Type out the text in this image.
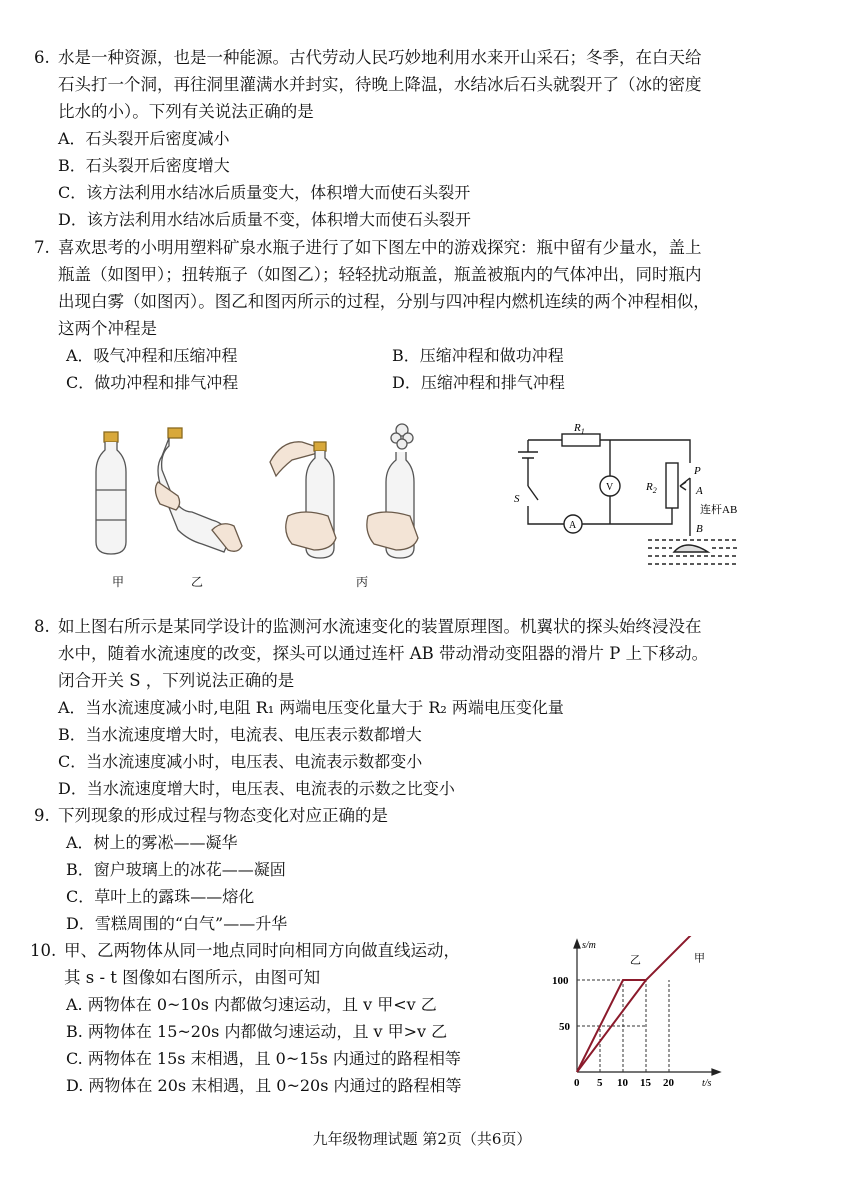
6. 水是一种资源，也是一种能源。古代劳动人民巧妙地利用水来开山采石；冬季，在白天给
石头打一个洞，再往洞里灌满水并封实，待晚上降温，水结冰后石头就裂开了（冰的密度
比水的小）。下列有关说法正确的是
A．石头裂开后密度减小
B．石头裂开后密度增大
C．该方法利用水结冰后质量变大，体积增大而使石头裂开
D．该方法利用水结冰后质量不变，体积增大而使石头裂开
7. 喜欢思考的小明用塑料矿泉水瓶子进行了如下图左中的游戏探究：瓶中留有少量水，盖上
瓶盖（如图甲）；扭转瓶子（如图乙）；轻轻扰动瓶盖，瓶盖被瓶内的气体冲出，同时瓶内
出现白雾（如图丙）。图乙和图丙所示的过程，分别与四冲程内燃机连续的两个冲程相似，
这两个冲程是
A．吸气冲程和压缩冲程	B．压缩冲程和做功冲程
C．做功冲程和排气冲程	D．压缩冲程和排气冲程
甲	乙	丙
$R_1$
$R_2$
P
A
B
S
V
A
连杆AB
8. 如上图右所示是某同学设计的监测河水流速变化的装置原理图。机翼状的探头始终浸没在
水中，随着水流速度的改变，探头可以通过连杆 AB 带动滑动变阻器的滑片 P 上下移动。
闭合开关 S ，下列说法正确的是
A．当水流速度减小时,电阻 R₁ 两端电压变化量大于 R₂ 两端电压变化量
B．当水流速度增大时，电流表、电压表示数都增大
C．当水流速度减小时，电压表、电流表示数都变小
D．当水流速度增大时，电压表、电流表的示数之比变小
9. 下列现象的形成过程与物态变化对应正确的是
A．树上的雾凇——凝华
B．窗户玻璃上的冰花——凝固
C．草叶上的露珠——熔化
D．雪糕周围的“白气”——升华
10. 甲、乙两物体从同一地点同时向相同方向做直线运动，
其 s - t 图像如右图所示，由图可知
A. 两物体在 0~10s 内都做匀速运动，且 v 甲<v 乙
B. 两物体在 15~20s 内都做匀速运动，且 v 甲>v 乙
C. 两物体在 15s 末相遇，且 0~15s 内通过的路程相等
D. 两物体在 20s 末相遇，且 0~20s 内通过的路程相等	0 5 10 15 20
50
100
乙	甲
s/m
t/s
九年级物理试题 第2页（共6页）
